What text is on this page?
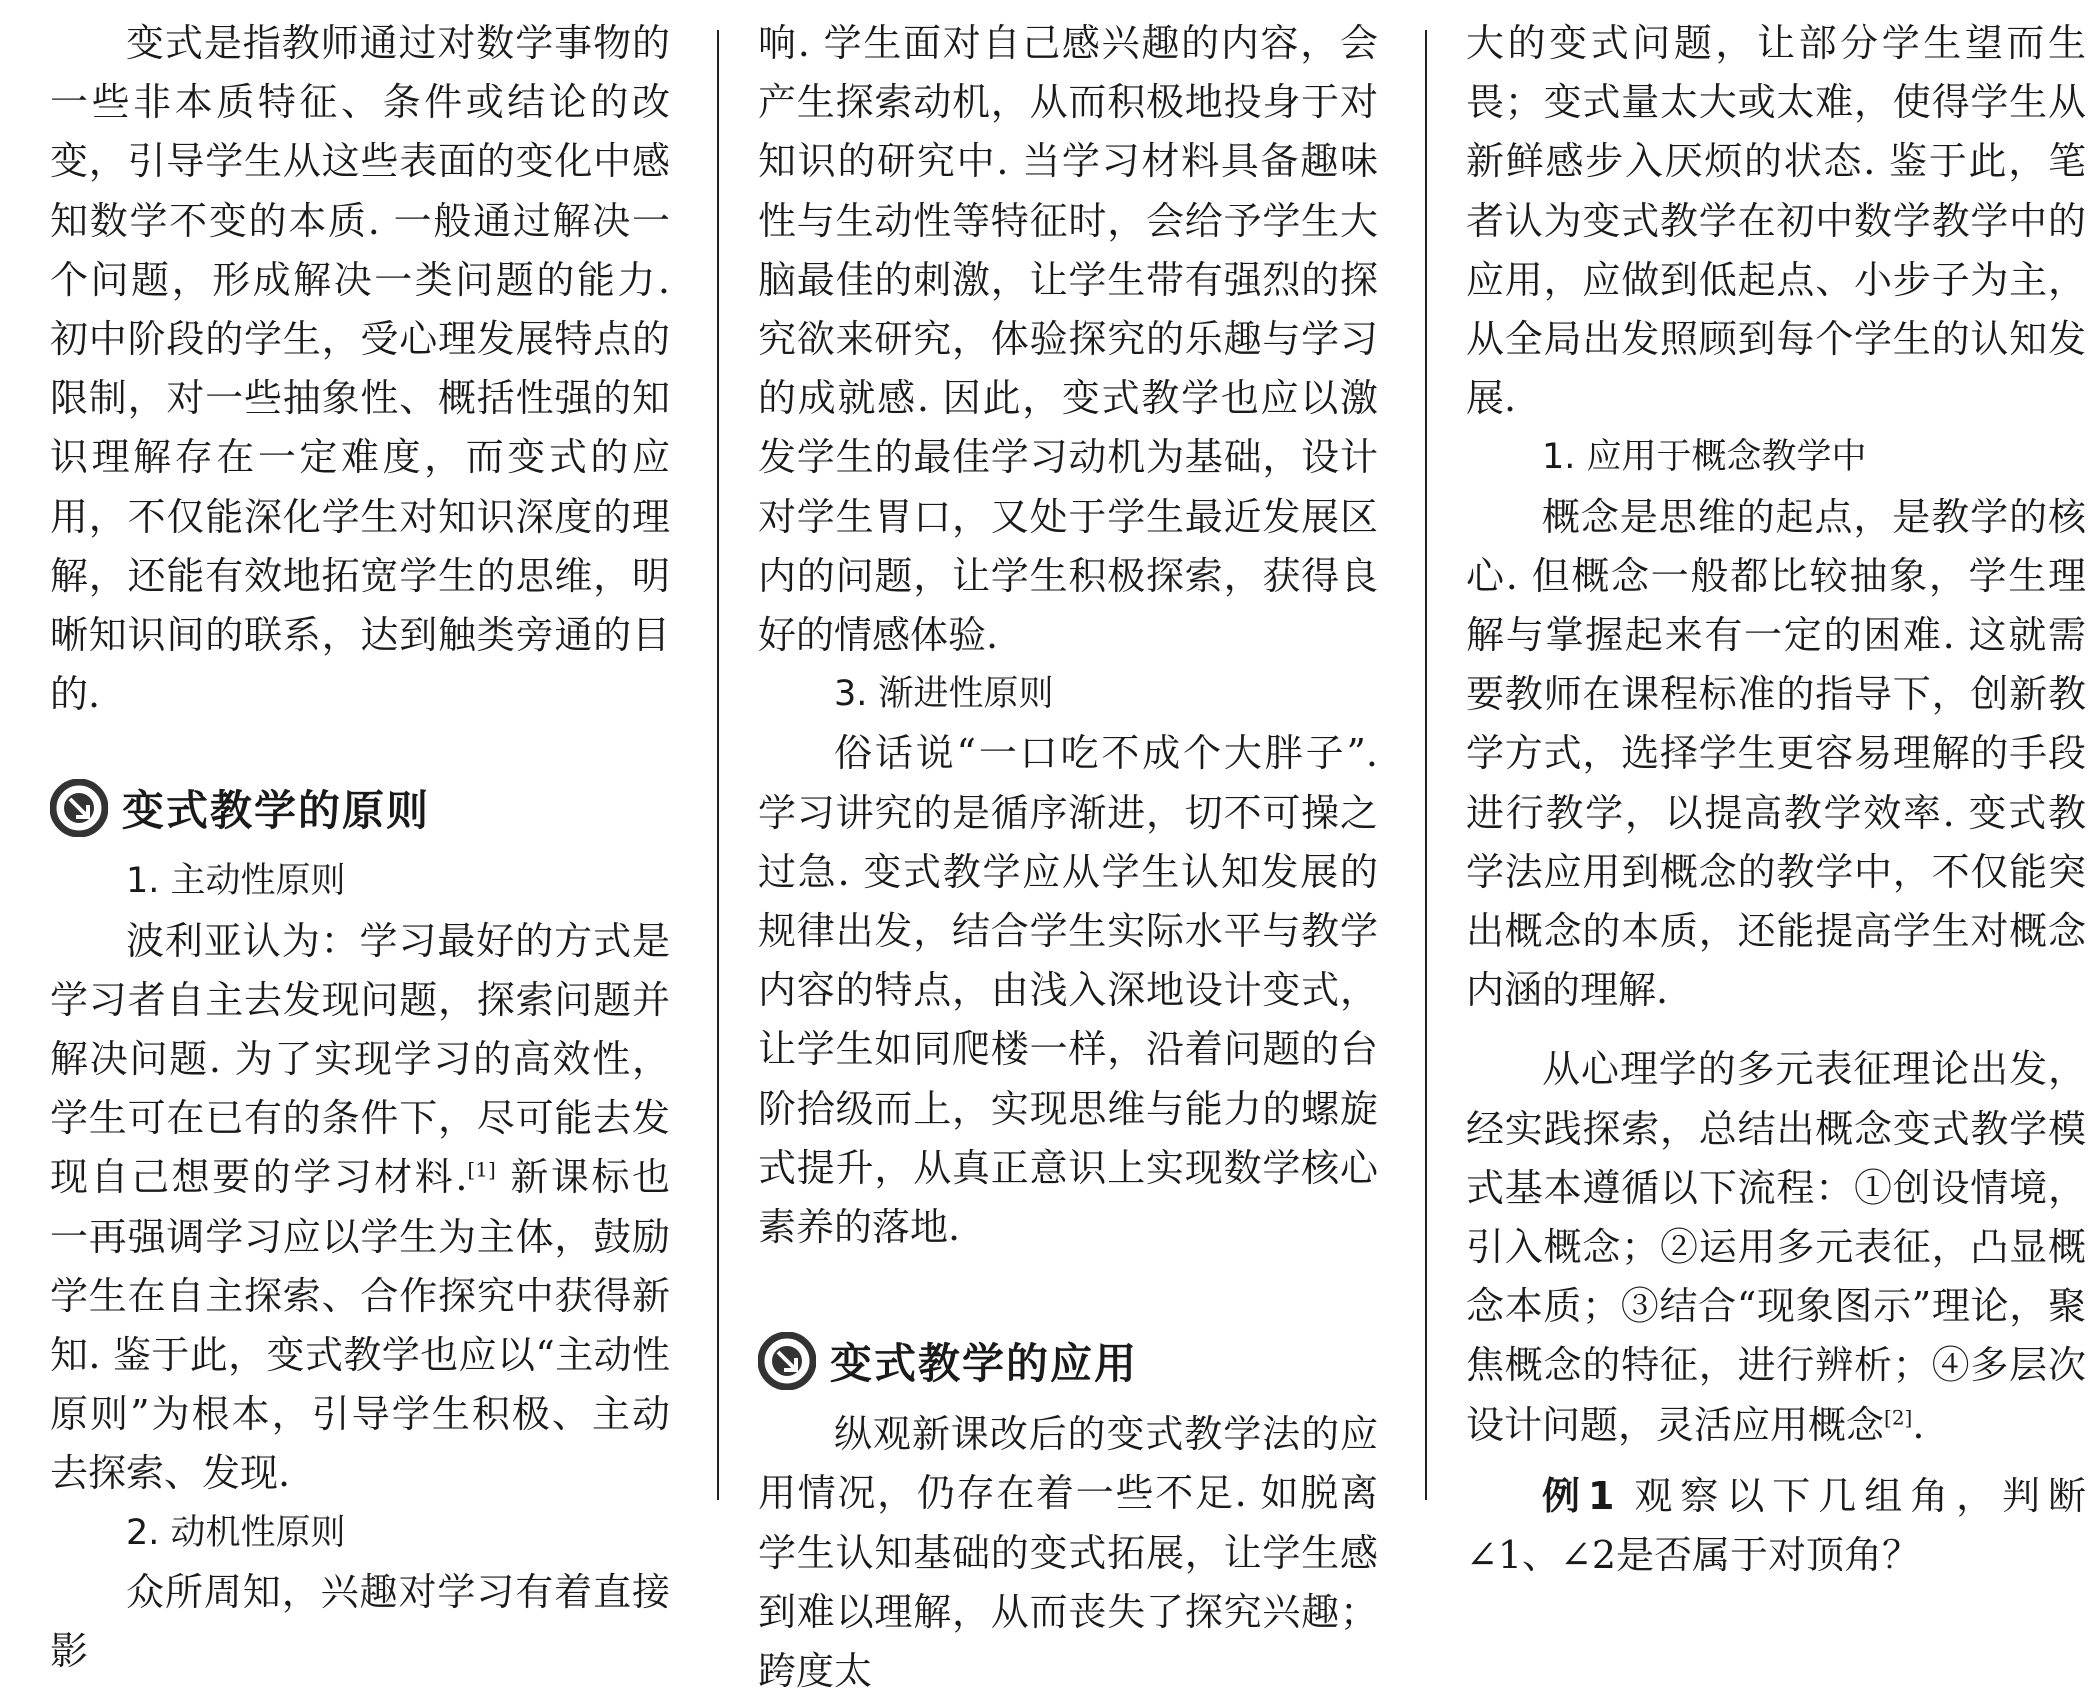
变式是指教师通过对数学事物的一些非本质特征、条件或结论的改变，引导学生从这些表面的变化中感知数学不变的本质. 一般通过解决一个问题，形成解决一类问题的能力. 初中阶段的学生，受心理发展特点的限制，对一些抽象性、概括性强的知识理解存在一定难度，而变式的应用，不仅能深化学生对知识深度的理解，还能有效地拓宽学生的思维，明晰知识间的联系，达到触类旁通的目的.

变式教学的原则
1. 主动性原则

波利亚认为：学习最好的方式是学习者自主去发现问题，探索问题并解决问题. 为了实现学习的高效性，学生可在已有的条件下，尽可能去发现自己想要的学习材料.[1] 新课标也一再强调学习应以学生为主体，鼓励学生在自主探索、合作探究中获得新知. 鉴于此，变式教学也应以“主动性原则”为根本，引导学生积极、主动去探索、发现.

2. 动机性原则

众所周知，兴趣对学习有着直接影

响. 学生面对自己感兴趣的内容，会产生探索动机，从而积极地投身于对知识的研究中. 当学习材料具备趣味性与生动性等特征时，会给予学生大脑最佳的刺激，让学生带有强烈的探究欲来研究，体验探究的乐趣与学习的成就感. 因此，变式教学也应以激发学生的最佳学习动机为基础，设计对学生胃口，又处于学生最近发展区内的问题，让学生积极探索，获得良好的情感体验.

3. 渐进性原则

俗话说“一口吃不成个大胖子”. 学习讲究的是循序渐进，切不可操之过急. 变式教学应从学生认知发展的规律出发，结合学生实际水平与教学内容的特点，由浅入深地设计变式，让学生如同爬楼一样，沿着问题的台阶拾级而上，实现思维与能力的螺旋式提升，从真正意识上实现数学核心素养的落地.

变式教学的应用

纵观新课改后的变式教学法的应用情况，仍存在着一些不足. 如脱离学生认知基础的变式拓展，让学生感到难以理解，从而丧失了探究兴趣；跨度太

大的变式问题，让部分学生望而生畏；变式量太大或太难，使得学生从新鲜感步入厌烦的状态. 鉴于此，笔者认为变式教学在初中数学教学中的应用，应做到低起点、小步子为主，从全局出发照顾到每个学生的认知发展.

1. 应用于概念教学中

概念是思维的起点，是教学的核心. 但概念一般都比较抽象，学生理解与掌握起来有一定的困难. 这就需要教师在课程标准的指导下，创新教学方式，选择学生更容易理解的手段进行教学，以提高教学效率. 变式教学法应用到概念的教学中，不仅能突出概念的本质，还能提高学生对概念内涵的理解.

从心理学的多元表征理论出发，经实践探索，总结出概念变式教学模式基本遵循以下流程：①创设情境，引入概念；②运用多元表征，凸显概念本质；③结合“现象图示”理论，聚焦概念的特征，进行辨析；④多层次设计问题，灵活应用概念[2].

例1 观察以下几组角，判断∠1、∠2是否属于对顶角？
